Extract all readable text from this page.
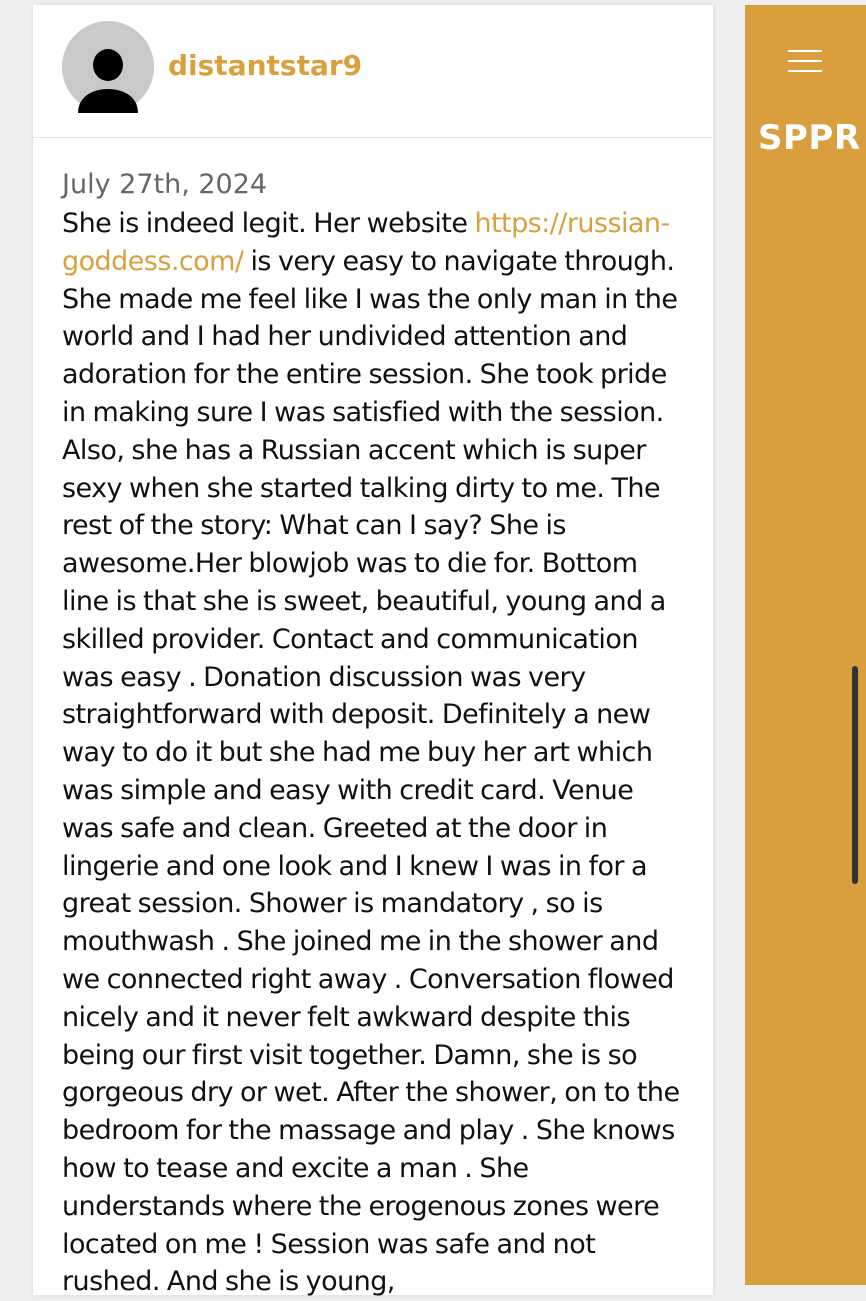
distantstar9

July 27th, 2024

She is indeed legit. Her website https://russian-goddess.com/ is very easy to navigate through. She made me feel like I was the only man in the world and I had her undivided attention and adoration for the entire session. She took pride in making sure I was satisfied with the session. Also, she has a Russian accent which is super sexy when she started talking dirty to me. The rest of the story: What can I say? She is awesome.Her blowjob was to die for. Bottom line is that she is sweet, beautiful, young and a skilled provider. Contact and communication was easy . Donation discussion was very straightforward with deposit. Definitely a new way to do it but she had me buy her art which was simple and easy with credit card. Venue was safe and clean. Greeted at the door in lingerie and one look and I knew I was in for a great session. Shower is mandatory , so is mouthwash . She joined me in the shower and we connected right away . Conversation flowed nicely and it never felt awkward despite this being our first visit together. Damn, she is so gorgeous dry or wet. After the shower, on to the bedroom for the massage and play . She knows how to tease and excite a man . She understands where the erogenous zones were located on me ! Session was safe and not rushed. And she is young,

SPPR
